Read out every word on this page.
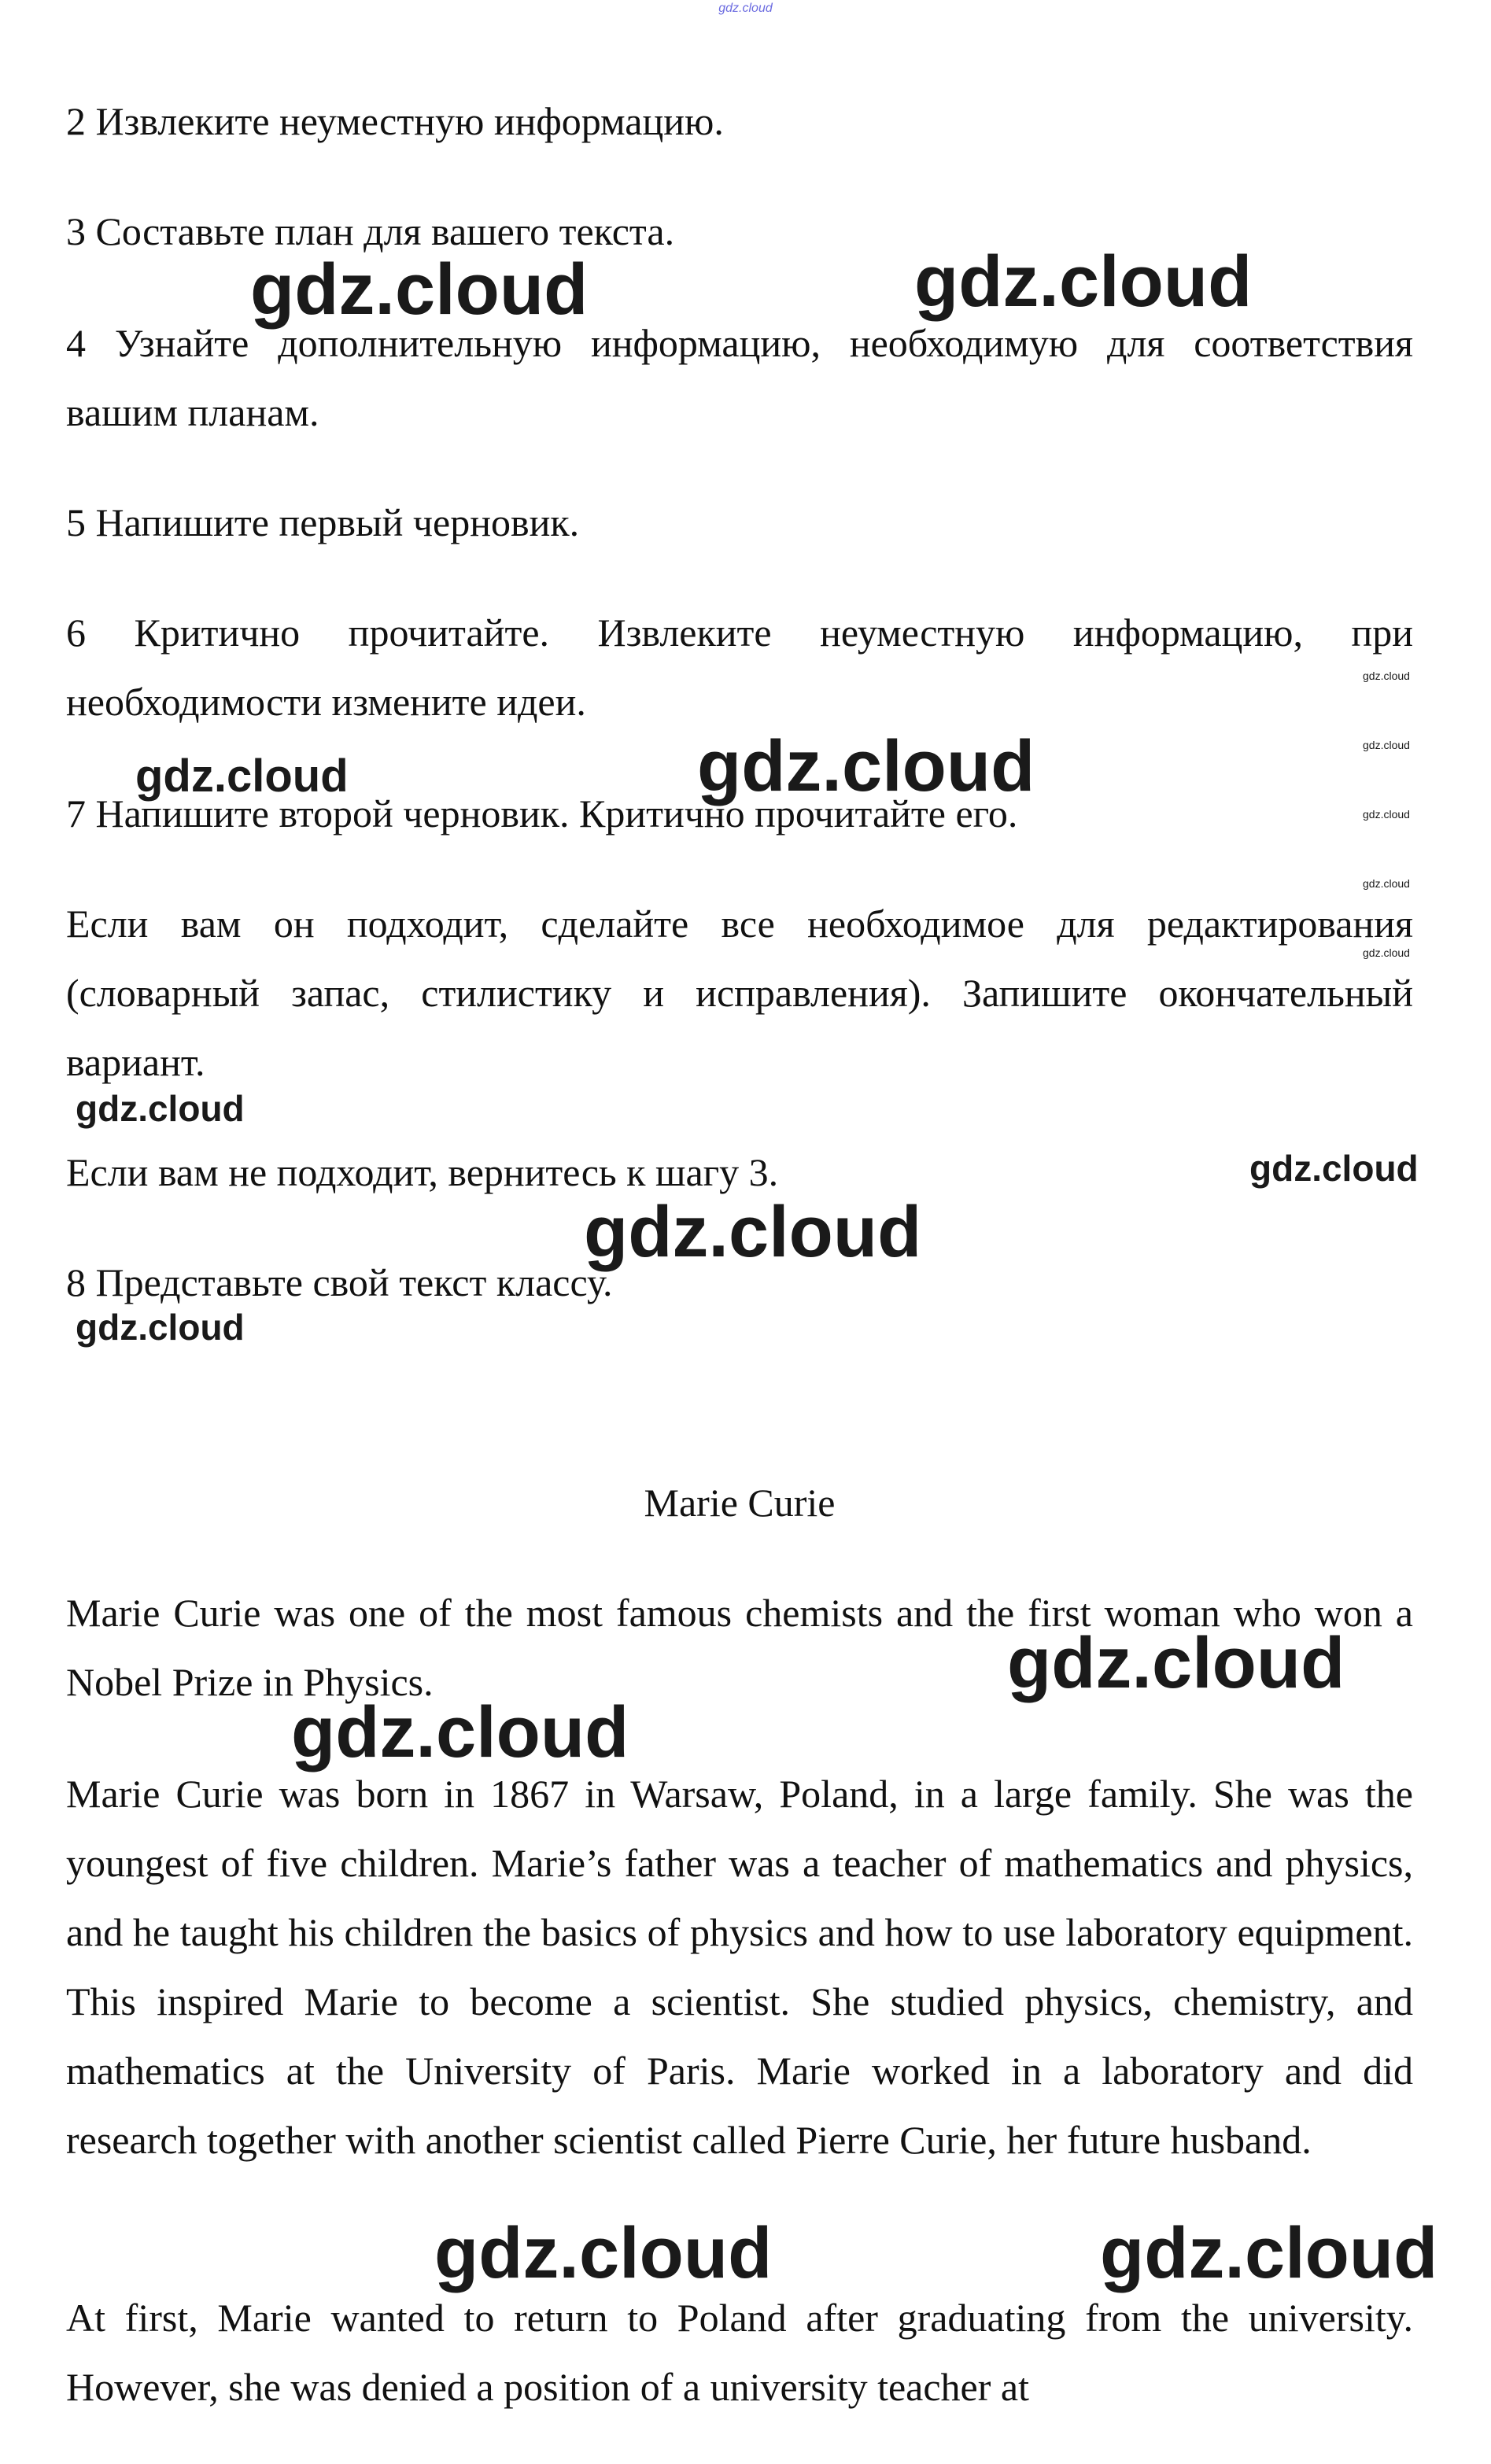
gdz.cloud

2 Извлеките неуместную информацию.

3 Составьте план для вашего текста.

4 Узнайте дополнительную информацию, необходимую для соответствия вашим планам.

5 Напишите первый черновик.

6 Критично прочитайте. Извлеките неуместную информацию, при необходимости измените идеи.

7 Напишите второй черновик. Критично прочитайте его.

Если вам он подходит, сделайте все необходимое для редактирования (словарный запас, стилистику и исправления). Запишите окончательный вариант.

Если вам не подходит, вернитесь к шагу 3.

8 Представьте свой текст классу.

Marie Curie

Marie Curie was one of the most famous chemists and the first woman who won a Nobel Prize in Physics.

Marie Curie was born in 1867 in Warsaw, Poland, in a large family. She was the youngest of five children. Marie’s father was a teacher of mathematics and physics, and he taught his children the basics of physics and how to use laboratory equipment. This inspired Marie to become a scientist. She studied physics, chemistry, and mathematics at the University of Paris. Marie worked in a laboratory and did research together with another scientist called Pierre Curie, her future husband.

At first, Marie wanted to return to Poland after graduating from the university. However, she was denied a position of a university teacher at

gdz.cloud	gdz.cloud
gdz.cloud	gdz.cloud
gdz.cloud
gdz.cloud
gdz.cloud
gdz.cloud
gdz.cloud
gdz.cloud
gdz.cloud	gdz.cloud
gdz.cloud
gdz.cloud
gdz.cloud
gdz.cloud
gdz.cloud
